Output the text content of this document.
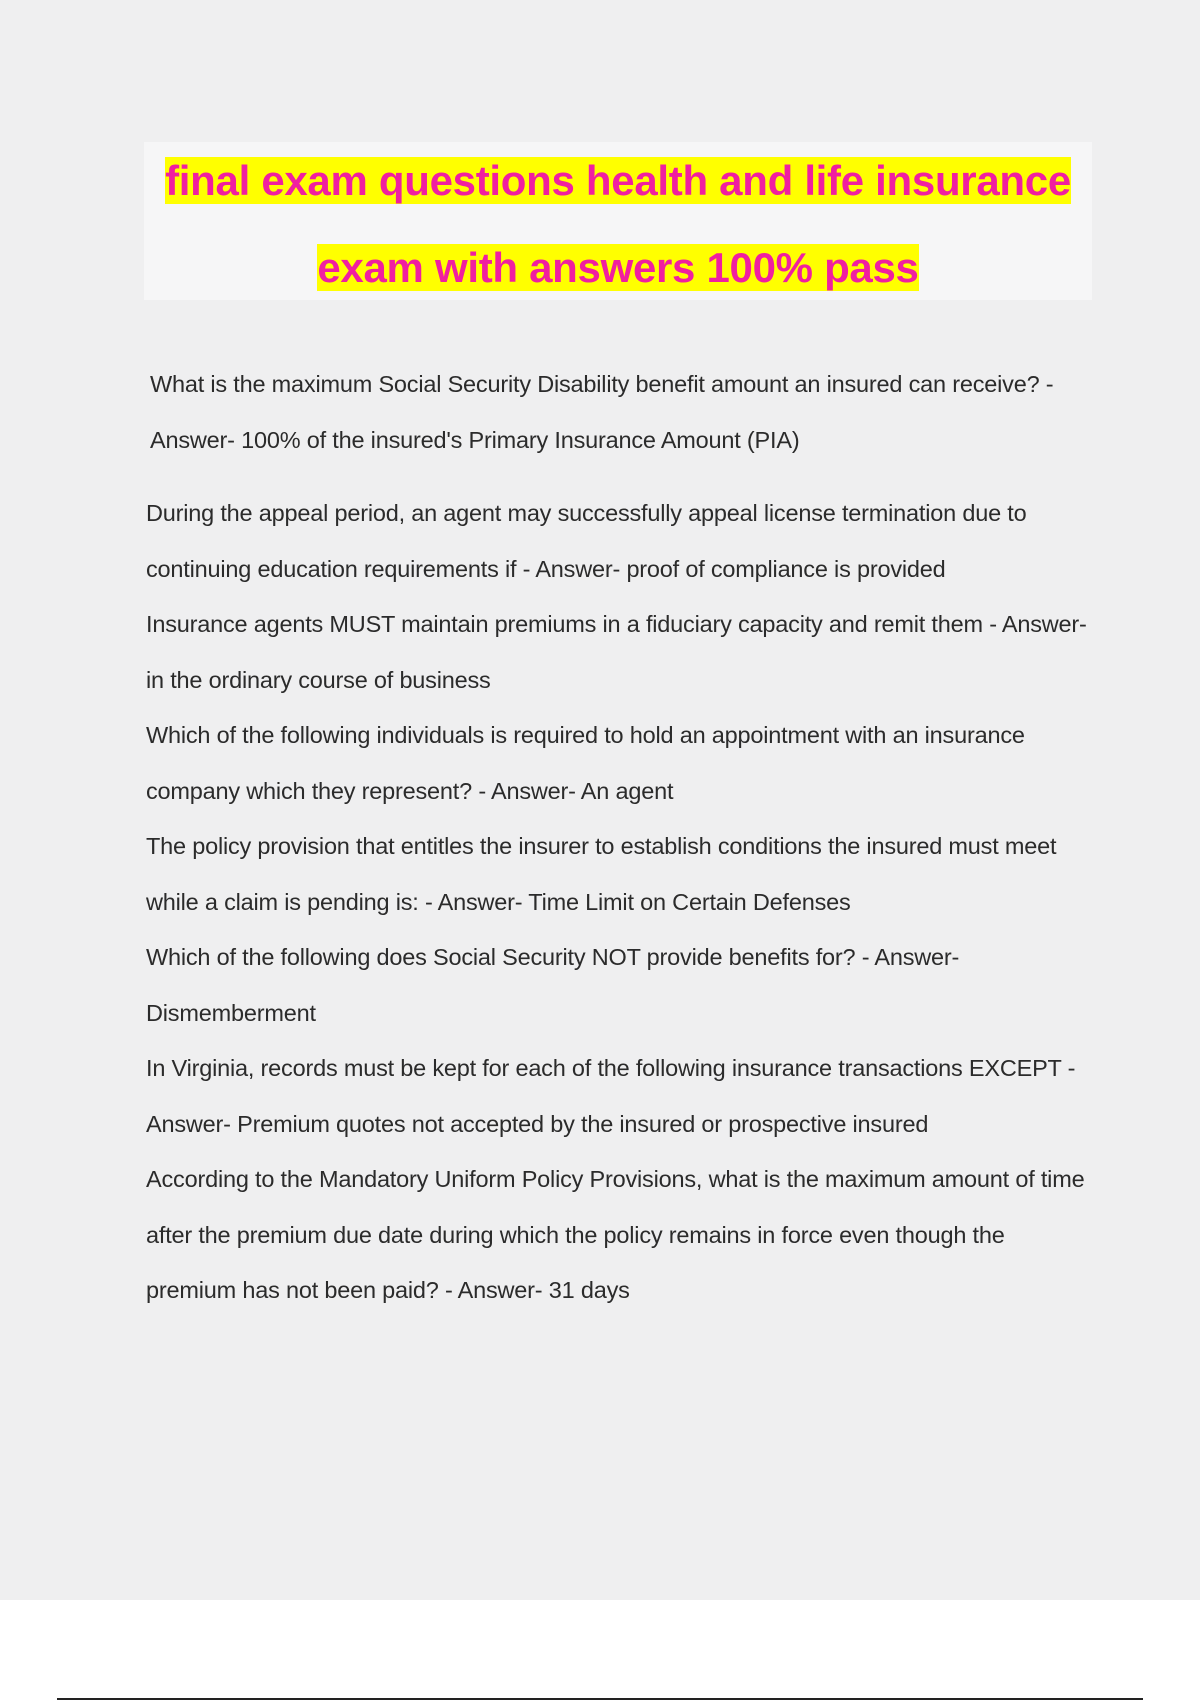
final exam questions health and life insurance
exam with answers 100% pass

What is the maximum Social Security Disability benefit amount an insured can receive? - Answer- 100% of the insured's Primary Insurance Amount (PIA)

During the appeal period, an agent may successfully appeal license termination due to continuing education requirements if - Answer- proof of compliance is provided

Insurance agents MUST maintain premiums in a fiduciary capacity and remit them - Answer- in the ordinary course of business

Which of the following individuals is required to hold an appointment with an insurance company which they represent? - Answer- An agent

The policy provision that entitles the insurer to establish conditions the insured must meet while a claim is pending is: - Answer- Time Limit on Certain Defenses

Which of the following does Social Security NOT provide benefits for? - Answer- Dismemberment

In Virginia, records must be kept for each of the following insurance transactions EXCEPT - Answer- Premium quotes not accepted by the insured or prospective insured

According to the Mandatory Uniform Policy Provisions, what is the maximum amount of time after the premium due date during which the policy remains in force even though the premium has not been paid? - Answer- 31 days
